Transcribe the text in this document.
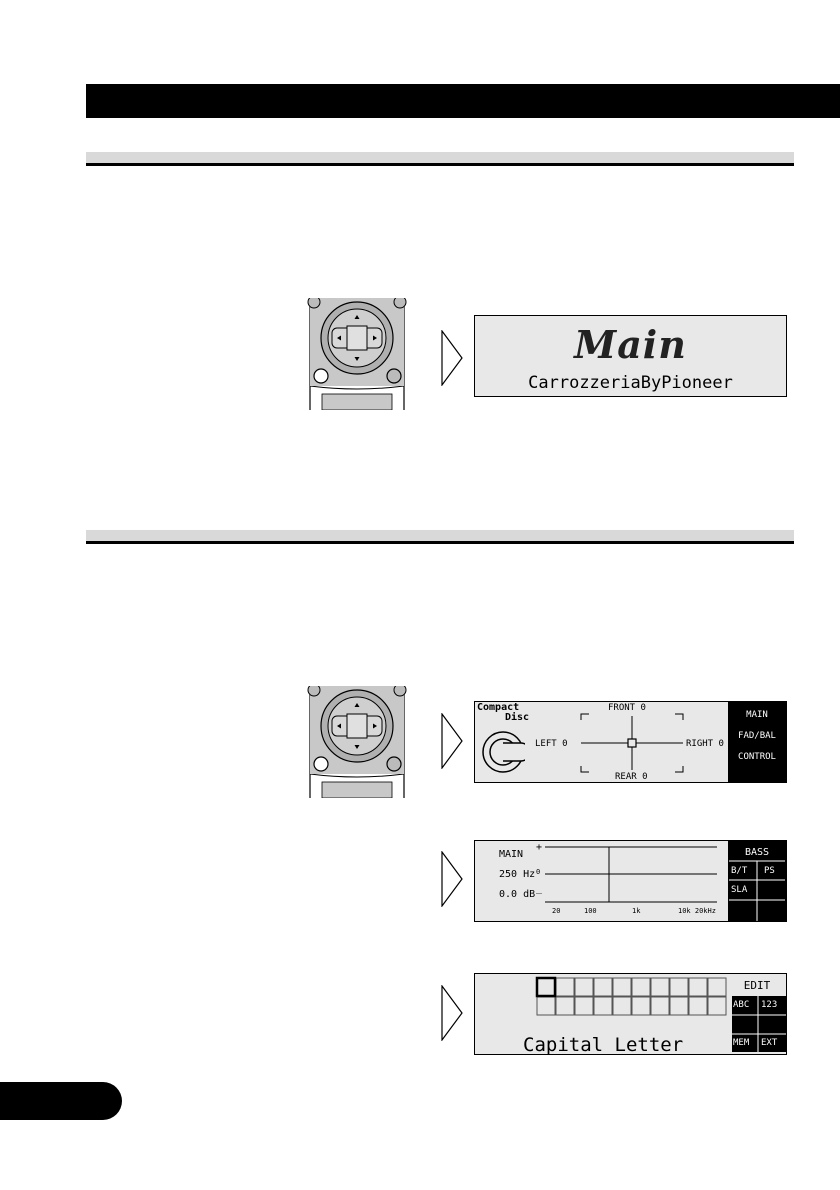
Main
CarrozzeriaByPioneer
Compact
Disc
FRONT 0
REAR 0
LEFT 0	RIGHT 0
MAIN
FAD/BAL
CONTROL
MAIN
250 Hz
0.0 dB
+
0
_
20	100	1k	10k 20kHz
BASS
B/T PS
SLA
Capital Letter
EDIT
ABC 123
MEM EXT
